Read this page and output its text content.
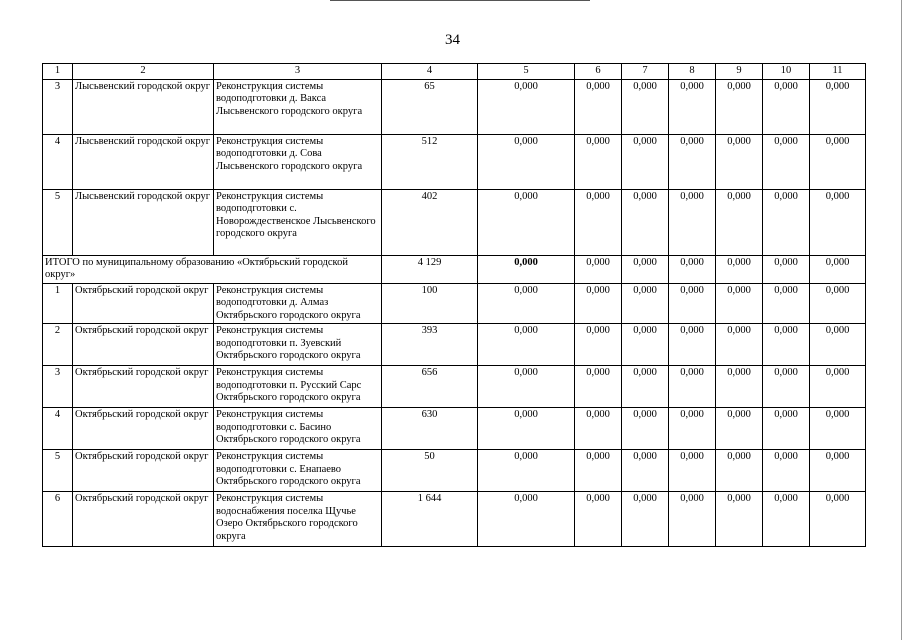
34
1	2	3	4	5	6	7	8	9	10	11
3	Лысьвенский городской округ	Реконструкция системы водоподготовки д. Вакса Лысьвенского городского округа	65	0,000	0,000	0,000	0,000	0,000	0,000	0,000
4	Лысьвенский городской округ	Реконструкция системы водоподготовки д. Сова Лысьвенского городского округа	512	0,000	0,000	0,000	0,000	0,000	0,000	0,000
5	Лысьвенский городской округ	Реконструкция системы водоподготовки с. Новорождественское Лысьвенского городского округа	402	0,000	0,000	0,000	0,000	0,000	0,000	0,000
ИТОГО по муниципальному образованию «Октябрьский городской округ»			4 129	0,000	0,000	0,000	0,000	0,000	0,000	0,000
1	Октябрьский городской округ	Реконструкция системы водоподготовки д. Алмаз Октябрьского городского округа	100	0,000	0,000	0,000	0,000	0,000	0,000	0,000
2	Октябрьский городской округ	Реконструкция системы водоподготовки п. Зуевский Октябрьского городского округа	393	0,000	0,000	0,000	0,000	0,000	0,000	0,000
3	Октябрьский городской округ	Реконструкция системы водоподготовки п. Русский Сарс Октябрьского городского округа	656	0,000	0,000	0,000	0,000	0,000	0,000	0,000
4	Октябрьский городской округ	Реконструкция системы водоподготовки с. Басино Октябрьского городского округа	630	0,000	0,000	0,000	0,000	0,000	0,000	0,000
5	Октябрьский городской округ	Реконструкция системы водоподготовки с. Енапаево Октябрьского городского округа	50	0,000	0,000	0,000	0,000	0,000	0,000	0,000
6	Октябрьский городской округ	Реконструкция системы водоснабжения поселка Щучье Озеро Октябрьского городского округа	1 644	0,000	0,000	0,000	0,000	0,000	0,000	0,000
